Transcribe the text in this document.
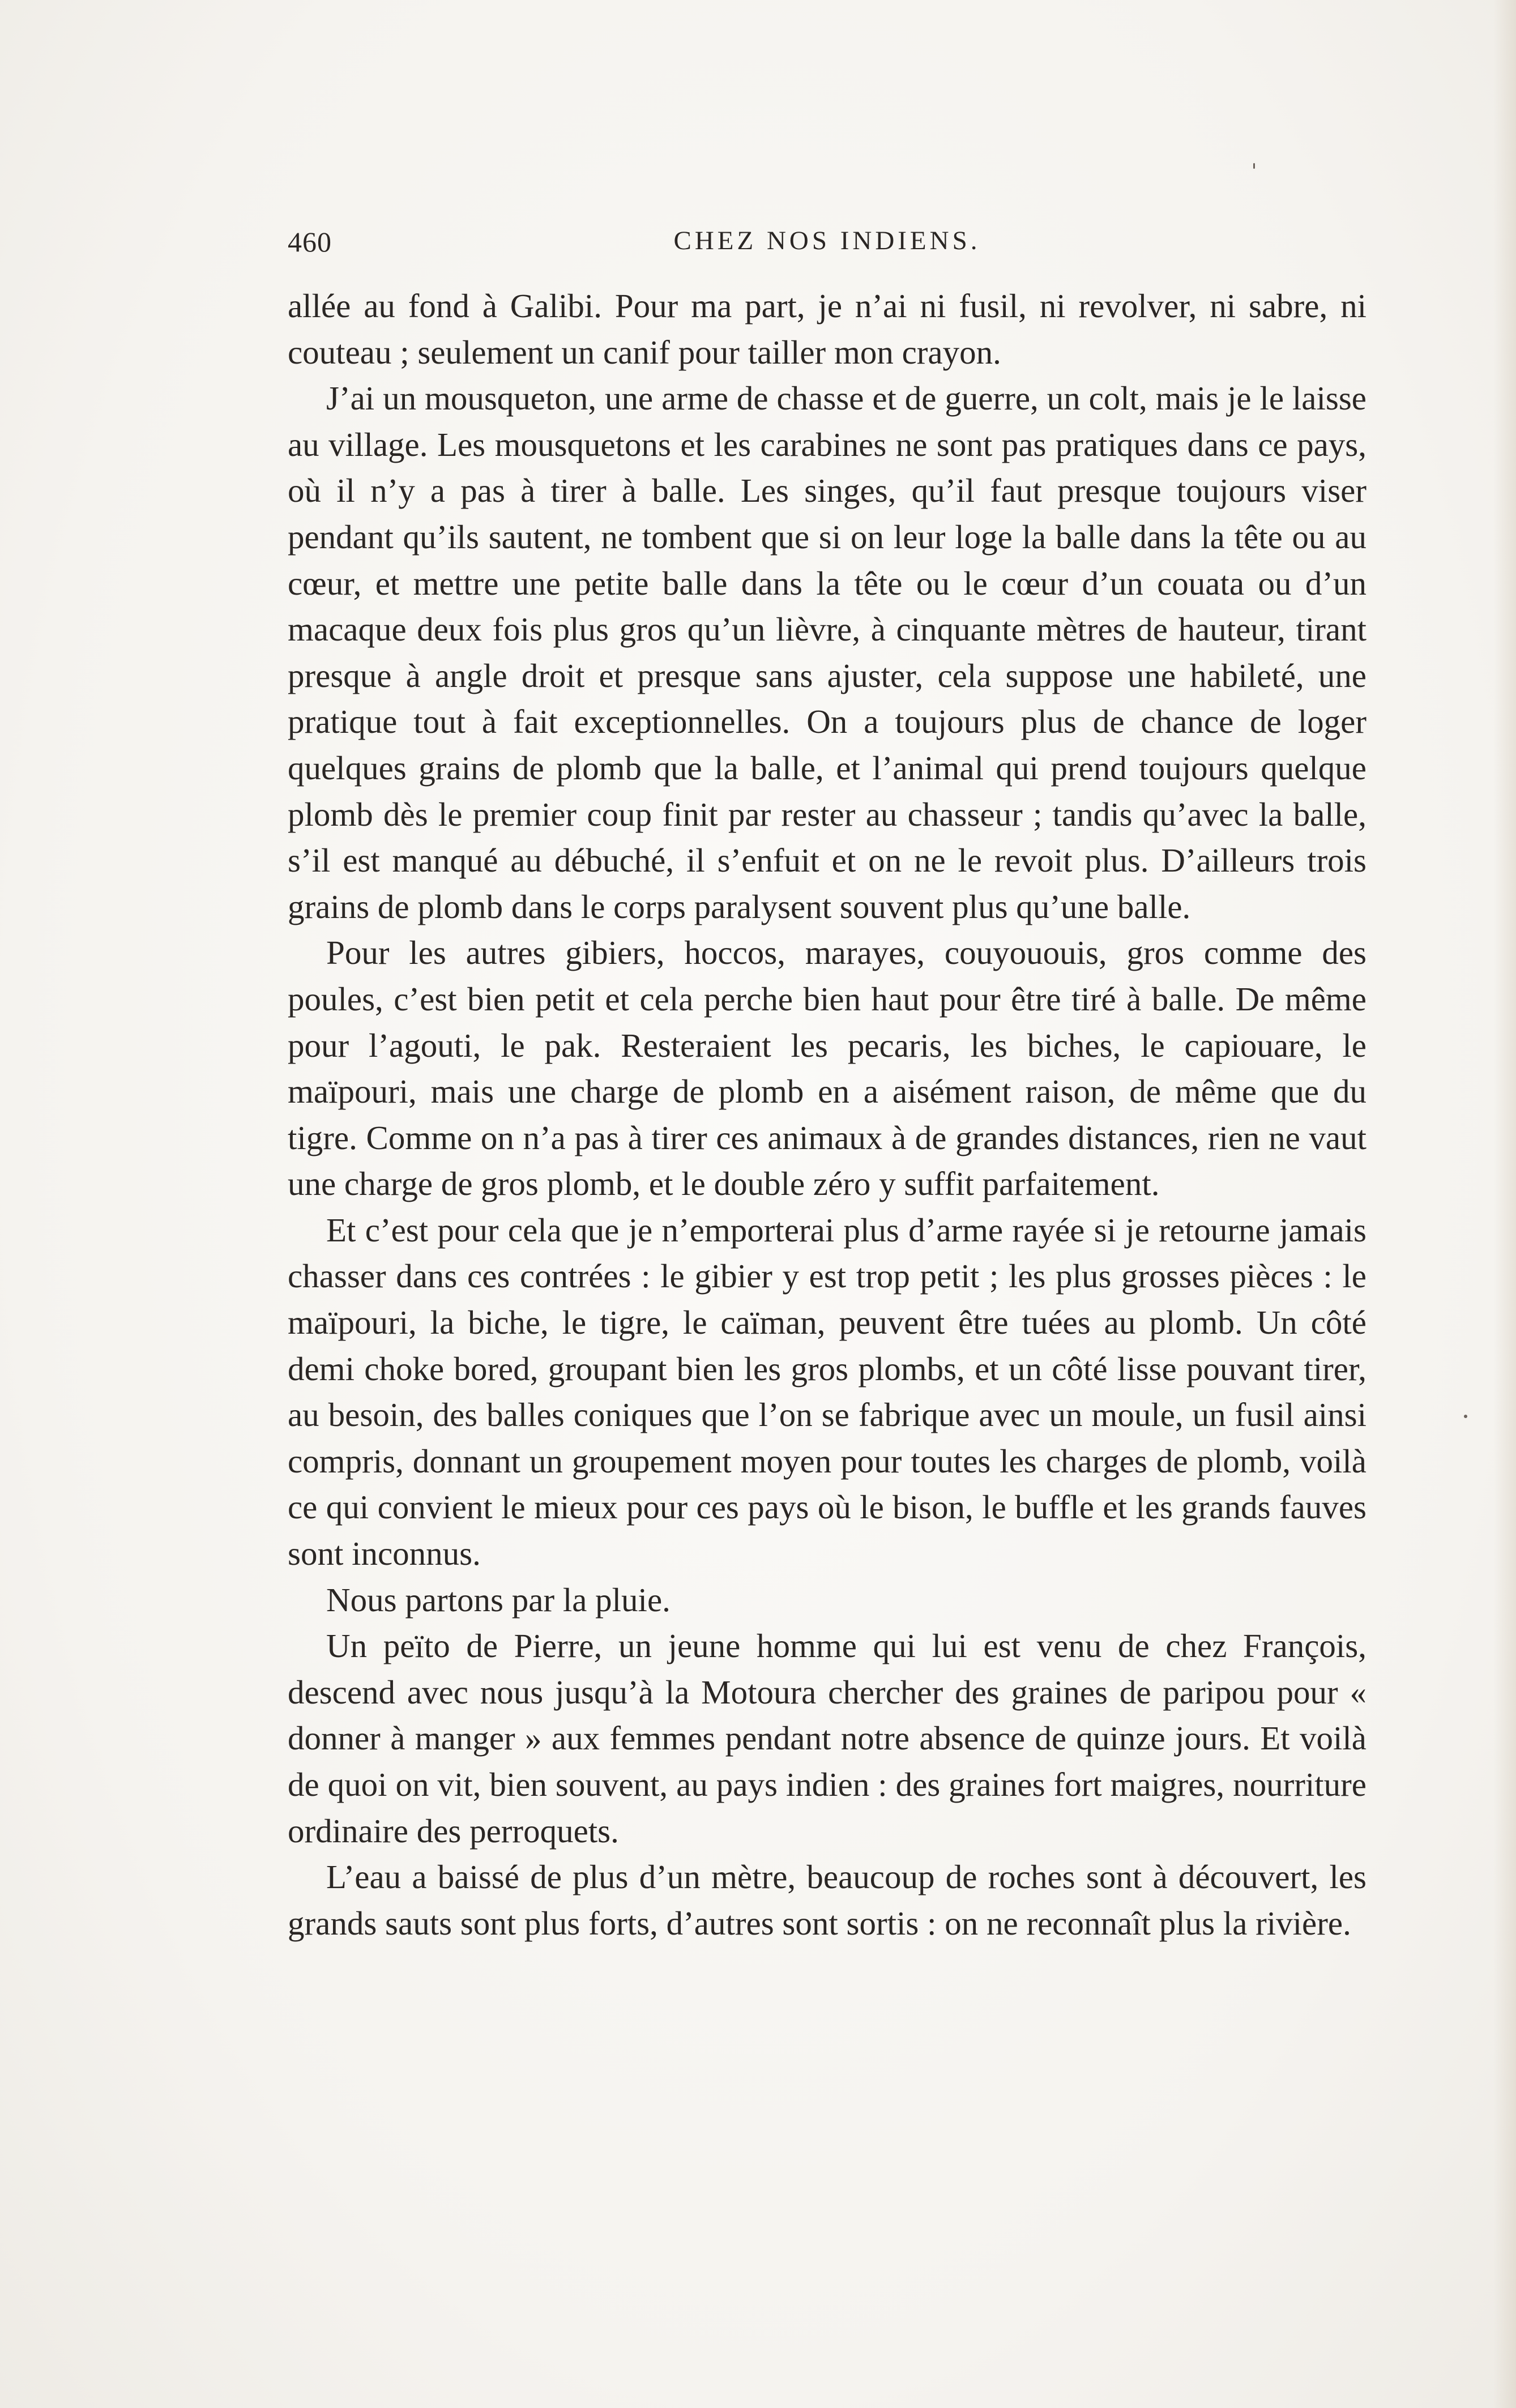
460	CHEZ NOS INDIENS.

allée au fond à Galibi. Pour ma part, je n’ai ni fusil, ni revolver, ni sabre, ni couteau ; seulement un canif pour tailler mon crayon.

J’ai un mousqueton, une arme de chasse et de guerre, un colt, mais je le laisse au village. Les mousquetons et les carabines ne sont pas pratiques dans ce pays, où il n’y a pas à tirer à balle. Les singes, qu’il faut presque toujours viser pendant qu’ils sautent, ne tombent que si on leur loge la balle dans la tête ou au cœur, et mettre une petite balle dans la tête ou le cœur d’un couata ou d’un macaque deux fois plus gros qu’un lièvre, à cinquante mètres de hauteur, tirant presque à angle droit et presque sans ajuster, cela suppose une habileté, une pratique tout à fait exceptionnelles. On a toujours plus de chance de loger quelques grains de plomb que la balle, et l’animal qui prend toujours quelque plomb dès le premier coup finit par rester au chasseur ; tandis qu’avec la balle, s’il est manqué au débuché, il s’enfuit et on ne le revoit plus. D’ailleurs trois grains de plomb dans le corps paralysent souvent plus qu’une balle.

Pour les autres gibiers, hoccos, marayes, couyououis, gros comme des poules, c’est bien petit et cela perche bien haut pour être tiré à balle. De même pour l’agouti, le pak. Resteraient les pecaris, les biches, le capiouare, le maïpouri, mais une charge de plomb en a aisément raison, de même que du tigre. Comme on n’a pas à tirer ces animaux à de grandes distances, rien ne vaut une charge de gros plomb, et le double zéro y suffit parfaitement.

Et c’est pour cela que je n’emporterai plus d’arme rayée si je retourne jamais chasser dans ces contrées : le gibier y est trop petit ; les plus grosses pièces : le maïpouri, la biche, le tigre, le caïman, peuvent être tuées au plomb. Un côté demi choke bored, groupant bien les gros plombs, et un côté lisse pouvant tirer, au besoin, des balles coniques que l’on se fabrique avec un moule, un fusil ainsi compris, donnant un groupement moyen pour toutes les charges de plomb, voilà ce qui convient le mieux pour ces pays où le bison, le buffle et les grands fauves sont inconnus.

Nous partons par la pluie.

Un peïto de Pierre, un jeune homme qui lui est venu de chez François, descend avec nous jusqu’à la Motoura chercher des graines de paripou pour « donner à manger » aux femmes pendant notre absence de quinze jours. Et voilà de quoi on vit, bien souvent, au pays indien : des graines fort maigres, nourriture ordinaire des perroquets.

L’eau a baissé de plus d’un mètre, beaucoup de roches sont à découvert, les grands sauts sont plus forts, d’autres sont sortis : on ne reconnaît plus la rivière.
